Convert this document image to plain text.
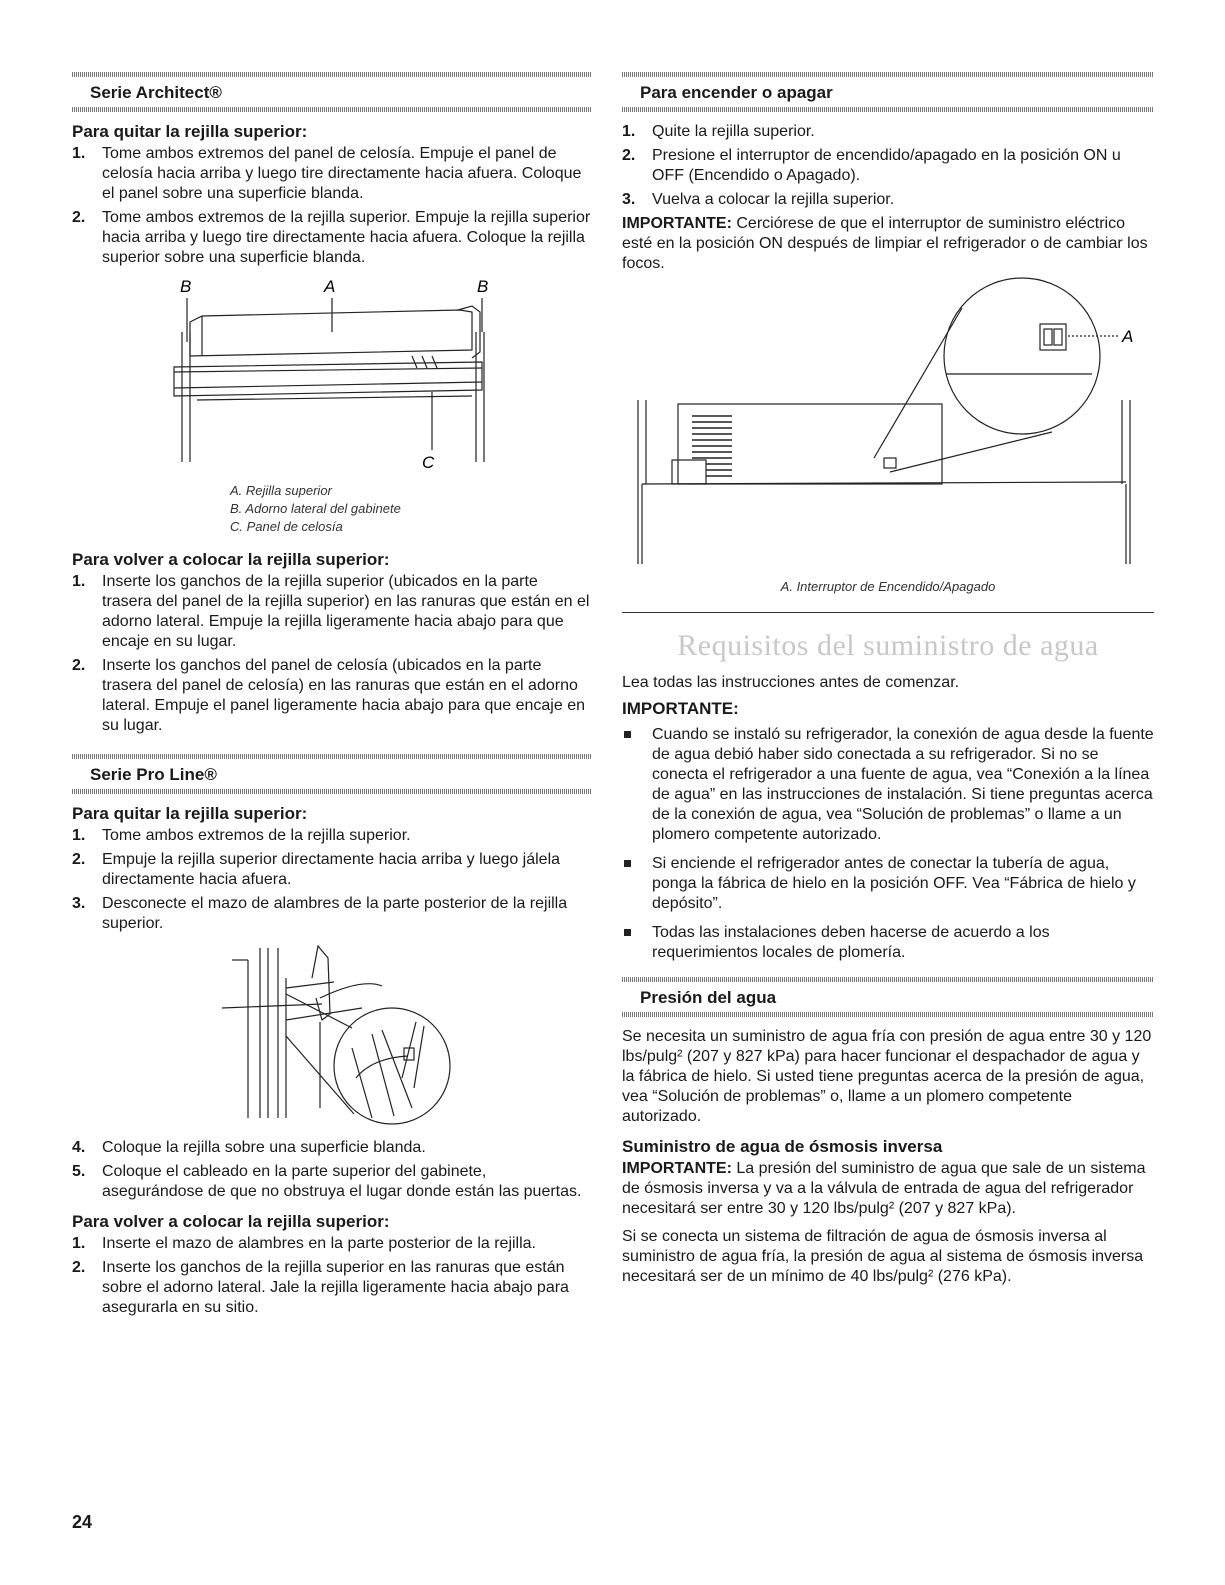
Serie Architect®
Para quitar la rejilla superior:
1. Tome ambos extremos del panel de celosía. Empuje el panel de celosía hacia arriba y luego tire directamente hacia afuera. Coloque el panel sobre una superficie blanda.
2. Tome ambos extremos de la rejilla superior. Empuje la rejilla superior hacia arriba y luego tire directamente hacia afuera. Coloque la rejilla superior sobre una superficie blanda.
B	A	B
C
A. Rejilla superior
B. Adorno lateral del gabinete
C. Panel de celosía
Para volver a colocar la rejilla superior:
1. Inserte los ganchos de la rejilla superior (ubicados en la parte trasera del panel de la rejilla superior) en las ranuras que están en el adorno lateral. Empuje la rejilla ligeramente hacia abajo para que encaje en su lugar.
2. Inserte los ganchos del panel de celosía (ubicados en la parte trasera del panel de celosía) en las ranuras que están en el adorno lateral. Empuje el panel ligeramente hacia abajo para que encaje en su lugar.
Serie Pro Line®
Para quitar la rejilla superior:
1. Tome ambos extremos de la rejilla superior.
2. Empuje la rejilla superior directamente hacia arriba y luego jálela directamente hacia afuera.
3. Desconecte el mazo de alambres de la parte posterior de la rejilla superior.
4. Coloque la rejilla sobre una superficie blanda.
5. Coloque el cableado en la parte superior del gabinete, asegurándose de que no obstruya el lugar donde están las puertas.
Para volver a colocar la rejilla superior:
1. Inserte el mazo de alambres en la parte posterior de la rejilla.
2. Inserte los ganchos de la rejilla superior en las ranuras que están sobre el adorno lateral. Jale la rejilla ligeramente hacia abajo para asegurarla en su sitio.
Para encender o apagar
1. Quite la rejilla superior.
2. Presione el interruptor de encendido/apagado en la posición ON u OFF (Encendido o Apagado).
3. Vuelva a colocar la rejilla superior.

IMPORTANTE: Cerciórese de que el interruptor de suministro eléctrico esté en la posición ON después de limpiar el refrigerador o de cambiar los focos.

A
A. Interruptor de Encendido/Apagado
Requisitos del suministro de agua

Lea todas las instrucciones antes de comenzar.

IMPORTANTE:
Cuando se instaló su refrigerador, la conexión de agua desde la fuente de agua debió haber sido conectada a su refrigerador. Si no se conecta el refrigerador a una fuente de agua, vea “Conexión a la línea de agua” en las instrucciones de instalación. Si tiene preguntas acerca de la conexión de agua, vea “Solución de problemas” o llame a un plomero competente autorizado.
Si enciende el refrigerador antes de conectar la tubería de agua, ponga la fábrica de hielo en la posición OFF. Vea “Fábrica de hielo y depósito”.
Todas las instalaciones deben hacerse de acuerdo a los requerimientos locales de plomería.
Presión del agua

Se necesita un suministro de agua fría con presión de agua entre 30 y 120 lbs/pulg² (207 y 827 kPa) para hacer funcionar el despachador de agua y la fábrica de hielo. Si usted tiene preguntas acerca de la presión de agua, vea “Solución de problemas” o, llame a un plomero competente autorizado.

Suministro de agua de ósmosis inversa

IMPORTANTE: La presión del suministro de agua que sale de un sistema de ósmosis inversa y va a la válvula de entrada de agua del refrigerador necesitará ser entre 30 y 120 lbs/pulg² (207 y 827 kPa).

Si se conecta un sistema de filtración de agua de ósmosis inversa al suministro de agua fría, la presión de agua al sistema de ósmosis inversa necesitará ser de un mínimo de 40 lbs/pulg² (276 kPa).

24
